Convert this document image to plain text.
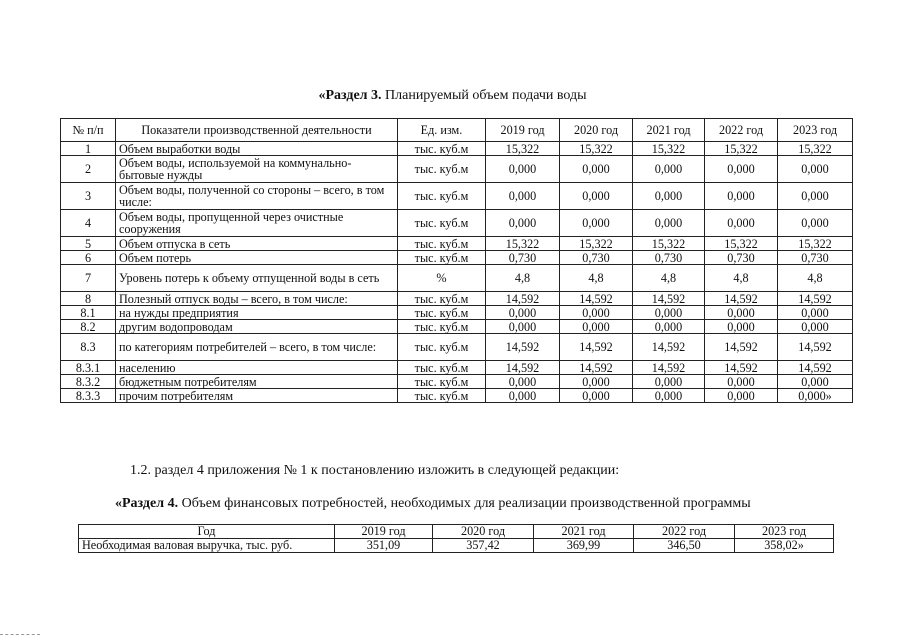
«Раздел 3. Планируемый объем подачи воды
№ п/п	Показатели производственной деятельности	Ед. изм.	2019 год	2020 год	2021 год	2022 год	2023 год
1	Объем выработки воды	тыс. куб.м	15,322	15,322	15,322	15,322	15,322
2	Объем воды, используемой на коммунально-бытовые нужды	тыс. куб.м	0,000	0,000	0,000	0,000	0,000
3	Объем воды, полученной со стороны – всего, в том числе:	тыс. куб.м	0,000	0,000	0,000	0,000	0,000
4	Объем воды, пропущенной через очистные сооружения	тыс. куб.м	0,000	0,000	0,000	0,000	0,000
5	Объем отпуска в сеть	тыс. куб.м	15,322	15,322	15,322	15,322	15,322
6	Объем потерь	тыс. куб.м	0,730	0,730	0,730	0,730	0,730
7	Уровень потерь к объему отпущенной воды в сеть	%	4,8	4,8	4,8	4,8	4,8
8	Полезный отпуск воды – всего, в том числе:	тыс. куб.м	14,592	14,592	14,592	14,592	14,592
8.1	на нужды предприятия	тыс. куб.м	0,000	0,000	0,000	0,000	0,000
8.2	другим водопроводам	тыс. куб.м	0,000	0,000	0,000	0,000	0,000
8.3	по категориям потребителей – всего, в том числе:	тыс. куб.м	14,592	14,592	14,592	14,592	14,592
8.3.1	населению	тыс. куб.м	14,592	14,592	14,592	14,592	14,592
8.3.2	бюджетным потребителям	тыс. куб.м	0,000	0,000	0,000	0,000	0,000
8.3.3	прочим потребителям	тыс. куб.м	0,000	0,000	0,000	0,000	0,000»
1.2. раздел 4 приложения № 1 к постановлению изложить в следующей редакции:
«Раздел 4. Объем финансовых потребностей, необходимых для реализации производственной программы
Год	2019 год	2020 год	2021 год	2022 год	2023 год
Необходимая валовая выручка, тыс. руб.	351,09	357,42	369,99	346,50	358,02»
